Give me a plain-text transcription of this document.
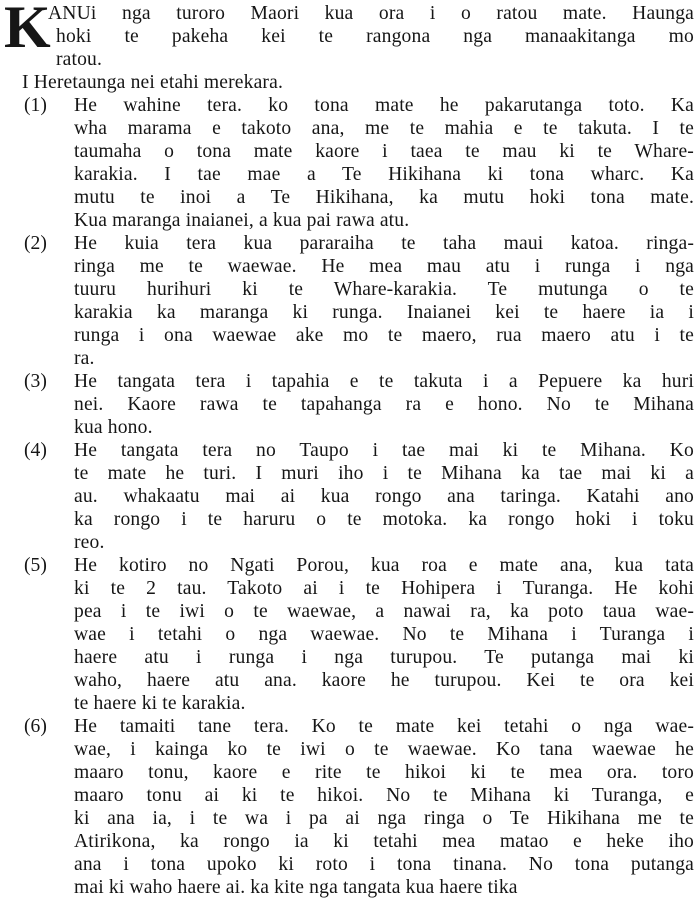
K
ANUi nga turoro Maori kua ora i o ratou mate. Haunga
hoki te pakeha kei te rangona nga manaakitanga mo
ratou.
I Heretaunga nei etahi merekara.
(1)	He wahine tera. ko tona mate he pakarutanga toto. Ka
wha marama e takoto ana, me te mahia e te takuta. I te
taumaha o tona mate kaore i taea te mau ki te Whare-
karakia. I tae mae a Te Hikihana ki tona wharc. Ka
mutu te inoi a Te Hikihana, ka mutu hoki tona mate.
Kua maranga inaianei, a kua pai rawa atu.
(2)	He kuia tera kua pararaiha te taha maui katoa. ringa-
ringa me te waewae. He mea mau atu i runga i nga
tuuru hurihuri ki te Whare-karakia. Te mutunga o te
karakia ka maranga ki runga. Inaianei kei te haere ia i
runga i ona waewae ake mo te maero, rua maero atu i te
ra.
(3)	He tangata tera i tapahia e te takuta i a Pepuere ka huri
nei. Kaore rawa te tapahanga ra e hono. No te Mihana
kua hono.
(4)	He tangata tera no Taupo i tae mai ki te Mihana. Ko
te mate he turi. I muri iho i te Mihana ka tae mai ki a
au. whakaatu mai ai kua rongo ana taringa. Katahi ano
ka rongo i te haruru o te motoka. ka rongo hoki i toku
reo.
(5)	He kotiro no Ngati Porou, kua roa e mate ana, kua tata
ki te 2 tau. Takoto ai i te Hohipera i Turanga. He kohi
pea i te iwi o te waewae, a nawai ra, ka poto taua wae-
wae i tetahi o nga waewae. No te Mihana i Turanga i
haere atu i runga i nga turupou. Te putanga mai ki
waho, haere atu ana. kaore he turupou. Kei te ora kei
te haere ki te karakia.
(6)	He tamaiti tane tera. Ko te mate kei tetahi o nga wae-
wae, i kainga ko te iwi o te waewae. Ko tana waewae he
maaro tonu, kaore e rite te hikoi ki te mea ora. toro
maaro tonu ai ki te hikoi. No te Mihana ki Turanga, e
ki ana ia, i te wa i pa ai nga ringa o Te Hikihana me te
Atirikona, ka rongo ia ki tetahi mea matao e heke iho
ana i tona upoko ki roto i tona tinana. No tona putanga
mai ki waho haere ai. ka kite nga tangata kua haere tika
